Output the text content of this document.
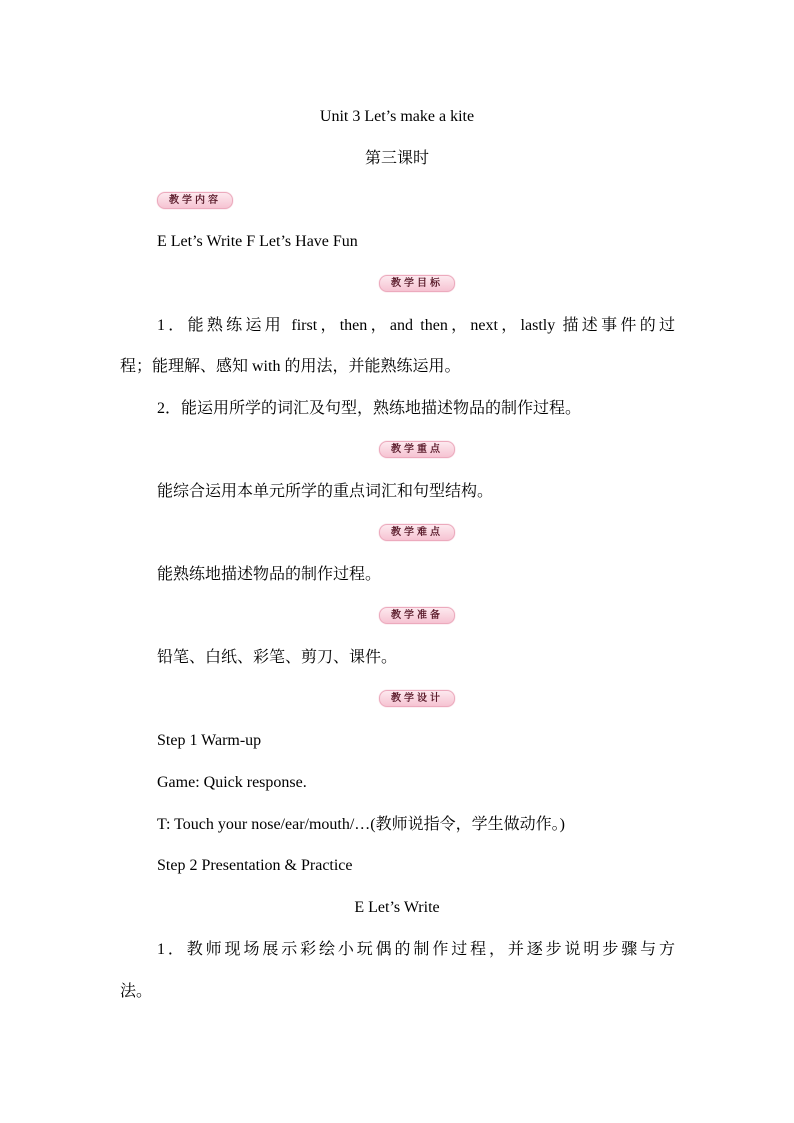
Unit 3 Let’s make a kite
第三课时
教学内容
E Let’s Write F Let’s Have Fun
教学目标
1．能熟练运用 first，then，and then，next，lastly 描述事件的过
程；能理解、感知 with 的用法，并能熟练运用。
2．能运用所学的词汇及句型，熟练地描述物品的制作过程。
教学重点
能综合运用本单元所学的重点词汇和句型结构。
教学难点
能熟练地描述物品的制作过程。
教学准备
铅笔、白纸、彩笔、剪刀、课件。
教学设计
Step 1 Warm-up
Game: Quick response.
T: Touch your nose/ear/mouth/…(教师说指令，学生做动作。)
Step 2 Presentation & Practice
E Let’s Write
1．教师现场展示彩绘小玩偶的制作过程，并逐步说明步骤与方
法。
